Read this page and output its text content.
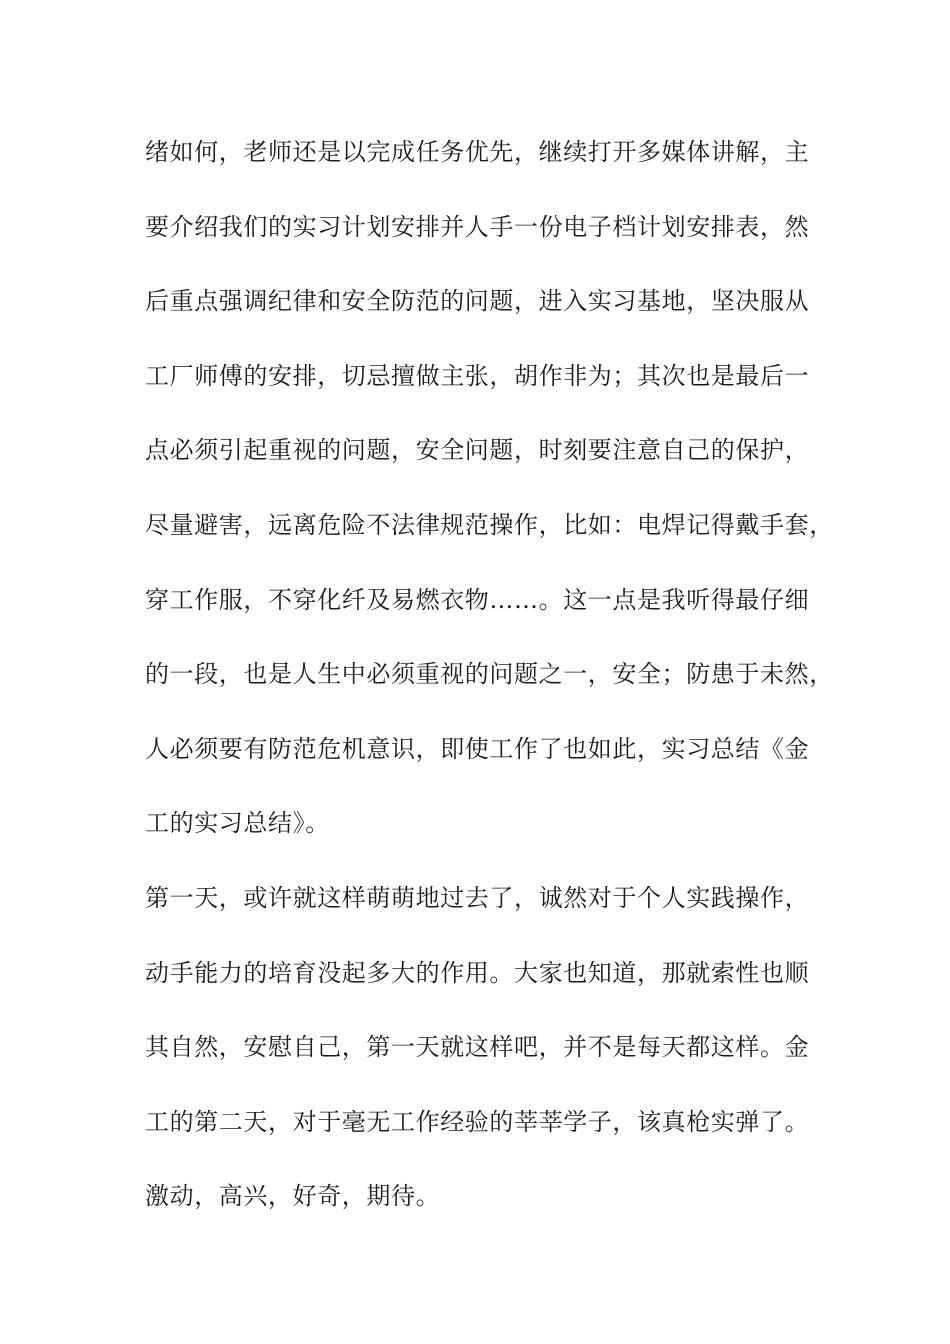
绪如何，老师还是以完成任务优先，继续打开多媒体讲解，主
要介绍我们的实习计划安排并人手一份电子档计划安排表，然
后重点强调纪律和安全防范的问题，进入实习基地，坚决服从
工厂师傅的安排，切忌擅做主张，胡作非为；其次也是最后一
点必须引起重视的问题，安全问题，时刻要注意自己的保护，
尽量避害，远离危险不法律规范操作，比如：电焊记得戴手套，
穿工作服，不穿化纤及易燃衣物……。这一点是我听得最仔细
的一段，也是人生中必须重视的问题之一，安全；防患于未然，
人必须要有防范危机意识，即使工作了也如此，实习总结《金
工的实习总结》。
第一天，或许就这样萌萌地过去了，诚然对于个人实践操作，
动手能力的培育没起多大的作用。大家也知道，那就索性也顺
其自然，安慰自己，第一天就这样吧，并不是每天都这样。金
工的第二天，对于毫无工作经验的莘莘学子，该真枪实弹了。
激动，高兴，好奇，期待。
